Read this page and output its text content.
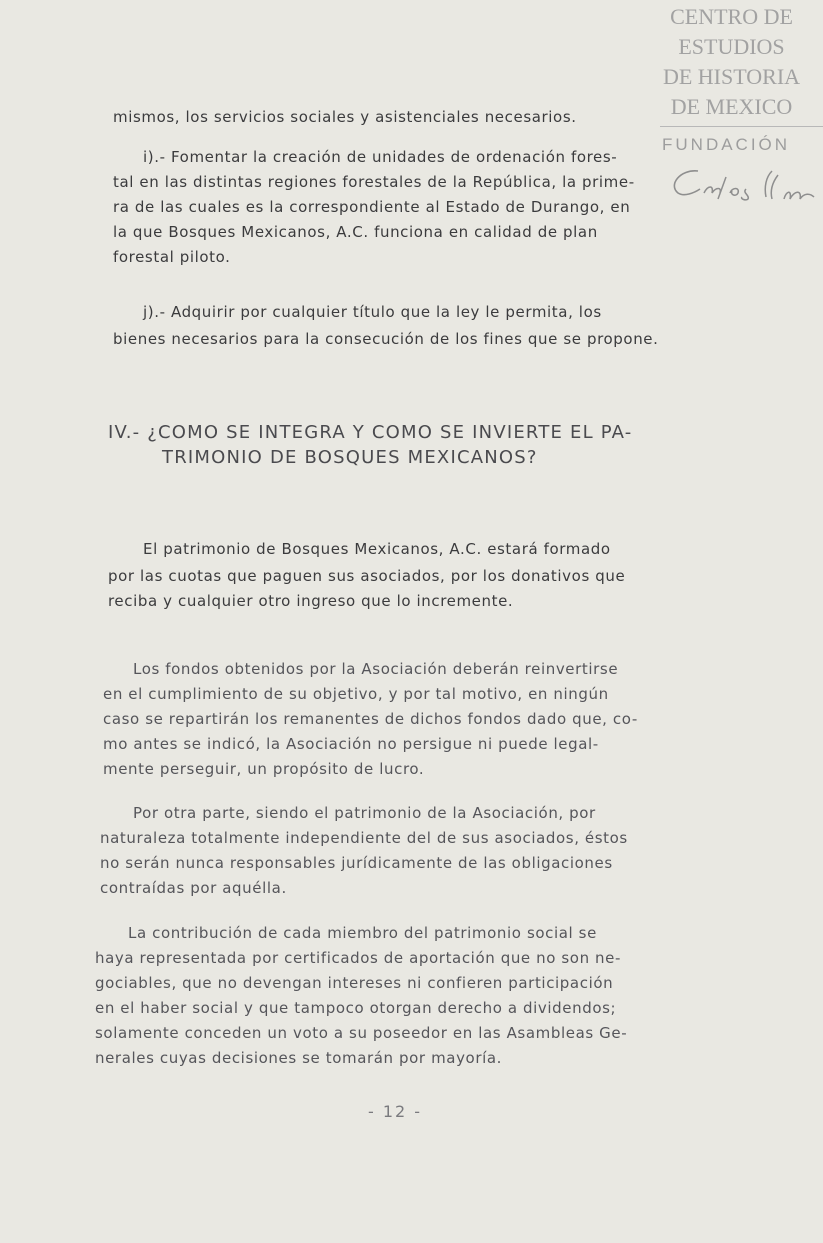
CENTRO DE
ESTUDIOS
DE HISTORIA
DE MEXICO
FUNDACIÓN
mismos, los servicios sociales y asistenciales necesarios.
i).- Fomentar la creación de unidades de ordenación fores-
tal en las distintas regiones forestales de la República, la prime-
ra de las cuales es la correspondiente al Estado de Durango, en
la que Bosques Mexicanos, A.C. funciona en calidad de plan
forestal piloto.
j).- Adquirir por cualquier título que la ley le permita, los
bienes necesarios para la consecución de los fines que se propone.
IV.- ¿COMO SE INTEGRA Y COMO SE INVIERTE EL PA-
TRIMONIO DE BOSQUES MEXICANOS?
El patrimonio de Bosques Mexicanos, A.C. estará formado
por las cuotas que paguen sus asociados, por los donativos que
reciba y cualquier otro ingreso que lo incremente.
Los fondos obtenidos por la Asociación deberán reinvertirse
en el cumplimiento de su objetivo, y por tal motivo, en ningún
caso se repartirán los remanentes de dichos fondos dado que, co-
mo antes se indicó, la Asociación no persigue ni puede legal-
mente perseguir, un propósito de lucro.
Por otra parte, siendo el patrimonio de la Asociación, por
naturaleza totalmente independiente del de sus asociados, éstos
no serán nunca responsables jurídicamente de las obligaciones
contraídas por aquélla.
La contribución de cada miembro del patrimonio social se
haya representada por certificados de aportación que no son ne-
gociables, que no devengan intereses ni confieren participación
en el haber social y que tampoco otorgan derecho a dividendos;
solamente conceden un voto a su poseedor en las Asambleas Ge-
nerales cuyas decisiones se tomarán por mayoría.
- 12 -
